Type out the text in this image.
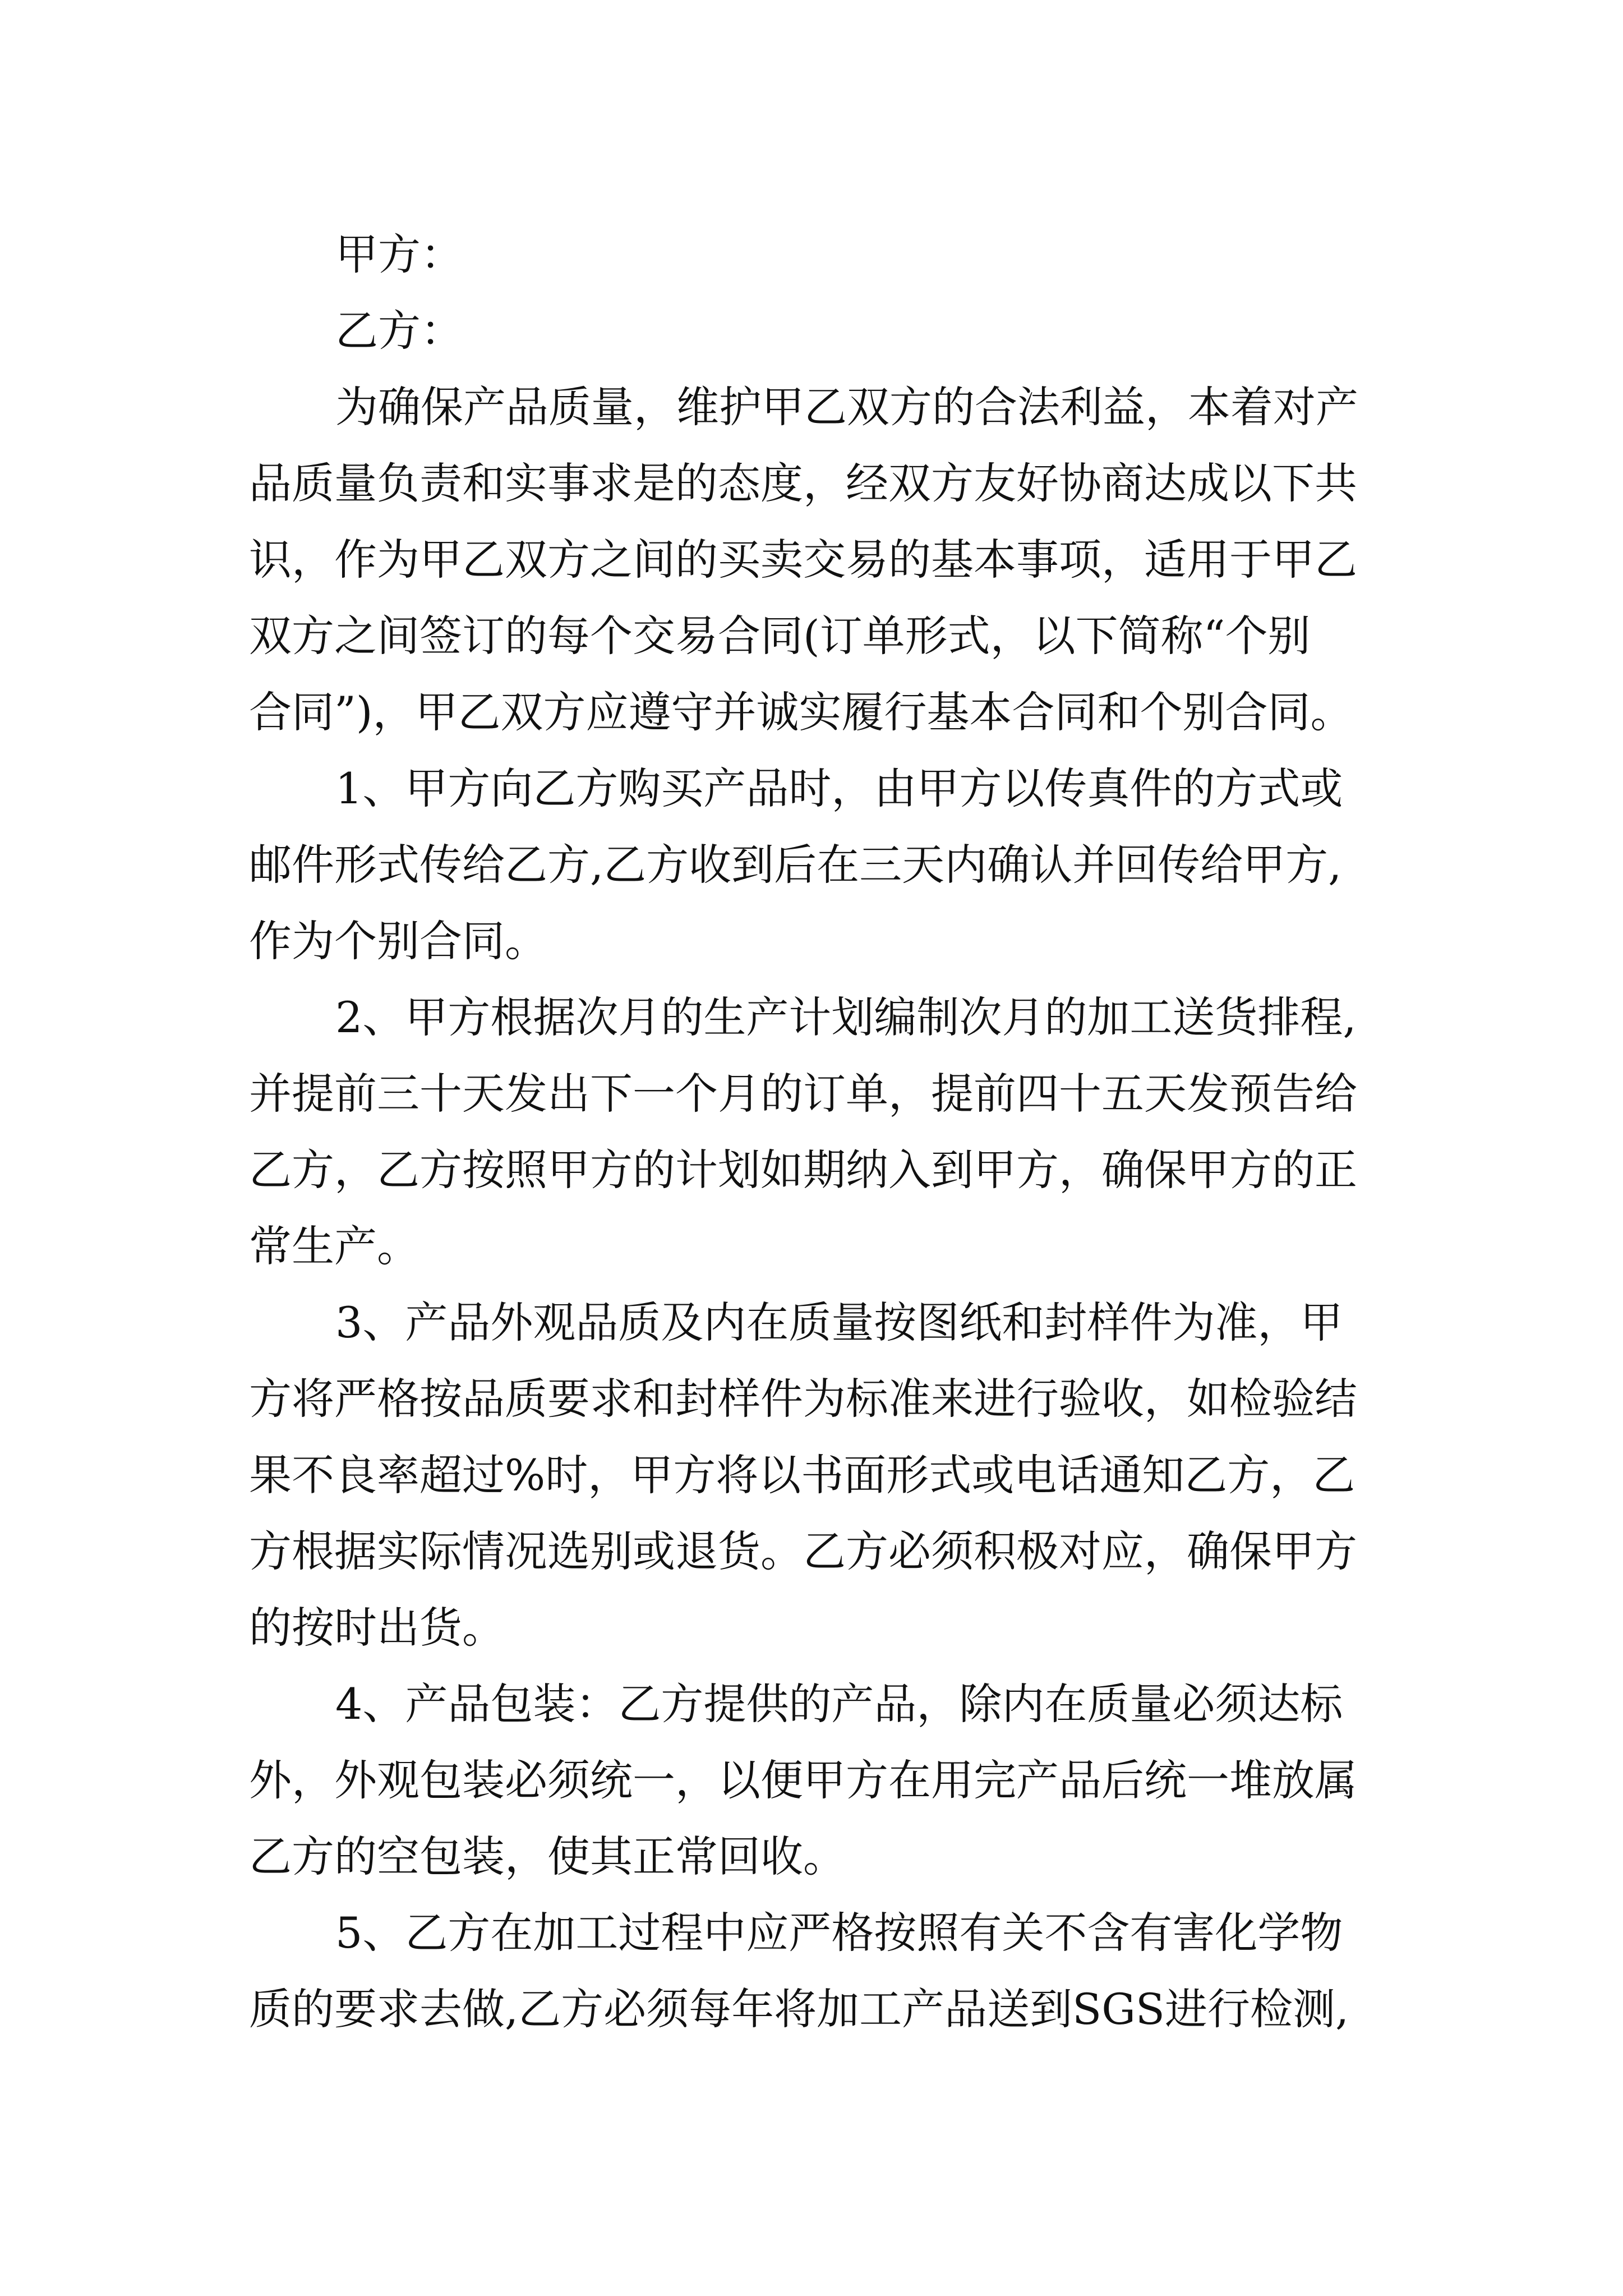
甲方：
乙方：
为确保产品质量，维护甲乙双方的合法利益，本着对产
品质量负责和实事求是的态度，经双方友好协商达成以下共
识，作为甲乙双方之间的买卖交易的基本事项，适用于甲乙
双方之间签订的每个交易合同(订单形式，以下简称“个别
合同”)，甲乙双方应遵守并诚实履行基本合同和个别合同。
1、甲方向乙方购买产品时，由甲方以传真件的方式或
邮件形式传给乙方,乙方收到后在三天内确认并回传给甲方,
作为个别合同。
2、甲方根据次月的生产计划编制次月的加工送货排程,
并提前三十天发出下一个月的订单，提前四十五天发预告给
乙方，乙方按照甲方的计划如期纳入到甲方，确保甲方的正
常生产。
3、产品外观品质及内在质量按图纸和封样件为准，甲
方将严格按品质要求和封样件为标准来进行验收，如检验结
果不良率超过%时，甲方将以书面形式或电话通知乙方，乙
方根据实际情况选别或退货。乙方必须积极对应，确保甲方
的按时出货。
4、产品包装：乙方提供的产品，除内在质量必须达标
外，外观包装必须统一，以便甲方在用完产品后统一堆放属
乙方的空包装，使其正常回收。
5、乙方在加工过程中应严格按照有关不含有害化学物
质的要求去做,乙方必须每年将加工产品送到SGS进行检测,
